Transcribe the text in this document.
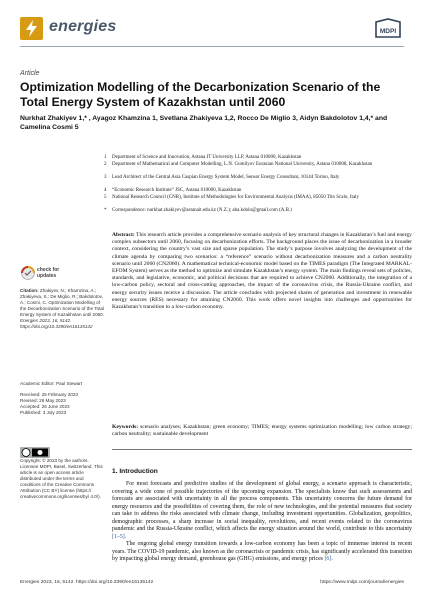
energies	MDPI
Article
Optimization Modelling of the Decarbonization Scenario of the Total Energy System of Kazakhstan until 2060
Nurkhat Zhakiyev 1,* , Ayagoz Khamzina 1, Svetlana Zhakiyeva 1,2, Rocco De Miglio 3, Aidyn Bakdolotov 1,4,* and Camelina Cosmi 5
1 Department of Science and Innovation, Astana IT University LLP, Astana 010000, Kazakhstan
2 Department of Mathematical and Computer Modelling, L.N. Gumilyov Eurasian National University, Astana 010008, Kazakhstan
3 Lead Architect of the Central Asia Caspian Energy System Model, Sensor Energy Consultant, 10144 Torino, Italy
4 “Economic Research Institute” JSC, Astana 010000, Kazakhstan
5 National Research Council (CNR), Institute of Methodologies for Environmental Analysis (IMAA), 85050 Tito Scalo, Italy
* Correspondence: nurkhat.zhakiyev@astanait.edu.kz (N.Z.); aba.kdolo@gmail.com (A.B.)
Abstract: This research article provides a comprehensive scenario analysis of key structural changes in Kazakhstan’s fuel and energy complex subsectors until 2060, focusing on decarbonization efforts. The background places the issue of decarbonization in a broader context, considering the country’s vast size and sparse population. The study’s purpose involves analyzing the development of the climate agenda by comparing two scenarios: a “reference” scenario without decarbonization measures and a carbon neutrality scenario until 2060 (CN2060). A mathematical technical-economic model based on the TIMES paradigm (The Integrated MARKAL-EFOM System) serves as the method to optimize and simulate Kazakhstan’s energy system. The main findings reveal sets of policies, standards, and legislative, economic, and political decisions that are required to achieve CN2060. Additionally, the integration of a low-carbon policy, sectoral and cross-cutting approaches, the impact of the coronavirus crisis, the Russia-Ukraine conflict, and energy security issues receive a discussion. The article concludes with projected shares of generation and investment in renewable energy sources (RES) necessary for attaining CN2060. This work offers novel insights into challenges and opportunities for Kazakhstan’s transition to a low-carbon economy.
Keywords: scenario analyses; Kazakhstan; green economy; TIMES; energy systems optimization modelling; low carbon strategy; carbon neutrality; sustainable development
check for
updates
Citation: Zhakiyev, N.; Khamzina, A.; Zhakiyeva, S.; De Miglio, R.; Bakdolotov, A.; Cosmi, C. Optimization Modelling of the Decarbonization Scenario of the Total Energy System of Kazakhstan until 2060. Energies 2023, 16, 5142. https://doi.org/10.3390/en16135142
Academic Editor: Paul Stewart
Received: 25 February 2023
Revised: 26 May 2023
Accepted: 26 June 2023
Published: 3 July 2023
Copyright: © 2023 by the authors. Licensee MDPI, Basel, Switzerland. This article is an open access article distributed under the terms and conditions of the Creative Commons Attribution (CC BY) license (https:// creativecommons.org/licenses/by/ 4.0/).
1. Introduction

For most forecasts and predictive studies of the development of global energy, a scenario approach is characteristic, covering a wide cone of possible trajectories of the upcoming expansion. The specialists know that such assessments and forecasts are associated with uncertainty in all the process components. This uncertainty concerns the future demand for energy resources and the possibilities of covering them, the role of new technologies, and the potential measures that society can take to address the risks associated with climate change, including investment opportunities. Globalization, geopolitics, demographic processes, a sharp increase in social inequality, revolutions, and recent events related to the coronavirus pandemic and the Russia-Ukraine conflict, which affects the energy situation around the world, contribute to this uncertainty [1–5].

The ongoing global energy transition towards a low-carbon economy has been a topic of immense interest in recent years. The COVID-19 pandemic, also known as the coronacrisis or pandemic crisis, has significantly accelerated this transition by impacting global energy demand, greenhouse gas (GHG) emissions, and energy prices [6].

Energies 2023, 16, 5142. https://doi.org/10.3390/en16135142	https://www.mdpi.com/journal/energies
